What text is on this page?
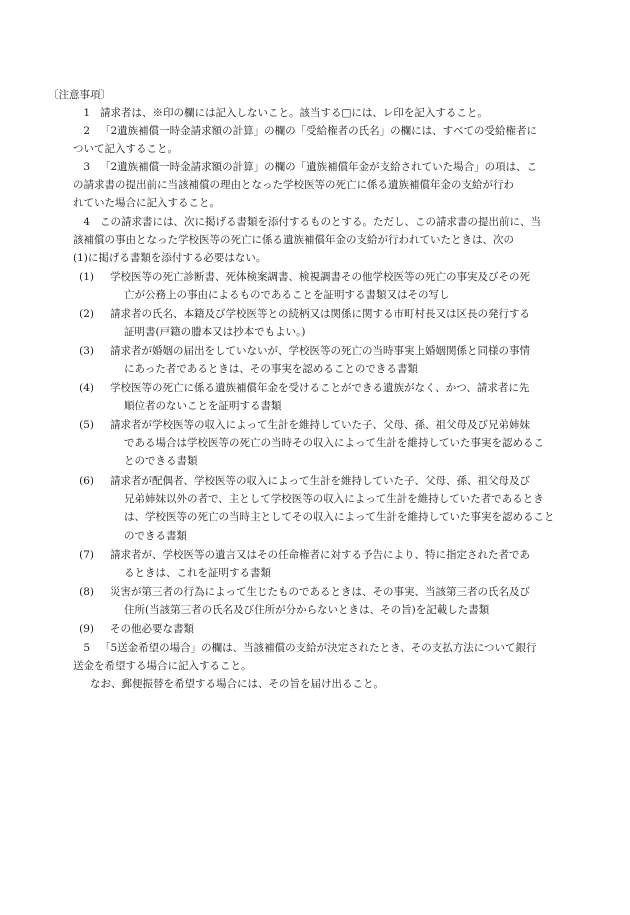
〔注意事項〕
1 請求者は、※印の欄には記入しないこと。該当する□には、レ印を記入すること。
2 「2遺族補償一時金請求額の計算」の欄の「受給権者の氏名」の欄には、すべての受給権者に
ついて記入すること。
3 「2遺族補償一時金請求額の計算」の欄の「遺族補償年金が支給されていた場合」の項は、こ
の請求書の提出前に当該補償の理由となった学校医等の死亡に係る遺族補償年金の支給が行わ
れていた場合に記入すること。
4 この請求書には、次に掲げる書類を添付するものとする。ただし、この請求書の提出前に、当
該補償の事由となった学校医等の死亡に係る遺族補償年金の支給が行われていたときは、次の
(1)に掲げる書類を添付する必要はない。
(1)	学校医等の死亡診断書、死体検案調書、検視調書その他学校医等の死亡の事実及びその死
亡が公務上の事由によるものであることを証明する書類又はその写し
(2)	請求者の氏名、本籍及び学校医等との続柄又は関係に関する市町村長又は区長の発行する
証明書(戸籍の謄本又は抄本でもよい。)
(3)	請求者が婚姻の届出をしていないが、学校医等の死亡の当時事実上婚姻関係と同様の事情
にあった者であるときは、その事実を認めることのできる書類
(4)	学校医等の死亡に係る遺族補償年金を受けることができる遺族がなく、かつ、請求者に先
順位者のないことを証明する書類
(5)	請求者が学校医等の収入によって生計を維持していた子、父母、孫、祖父母及び兄弟姉妹
である場合は学校医等の死亡の当時その収入によって生計を維持していた事実を認めるこ
とのできる書類
(6)	請求者が配偶者、学校医等の収入によって生計を維持していた子、父母、孫、祖父母及び
兄弟姉妹以外の者で、主として学校医等の収入によって生計を維持していた者であるとき
は、学校医等の死亡の当時主としてその収入によって生計を維持していた事実を認めること
のできる書類
(7)	請求者が、学校医等の遺言又はその任命権者に対する予告により、特に指定された者であ
るときは、これを証明する書類
(8)	災害が第三者の行為によって生じたものであるときは、その事実、当該第三者の氏名及び
住所(当該第三者の氏名及び住所が分からないときは、その旨)を記載した書類
(9)	その他必要な書類
5 「5送金希望の場合」の欄は、当該補償の支給が決定されたとき、その支払方法について銀行
送金を希望する場合に記入すること。
なお、郵便振替を希望する場合には、その旨を届け出ること。
